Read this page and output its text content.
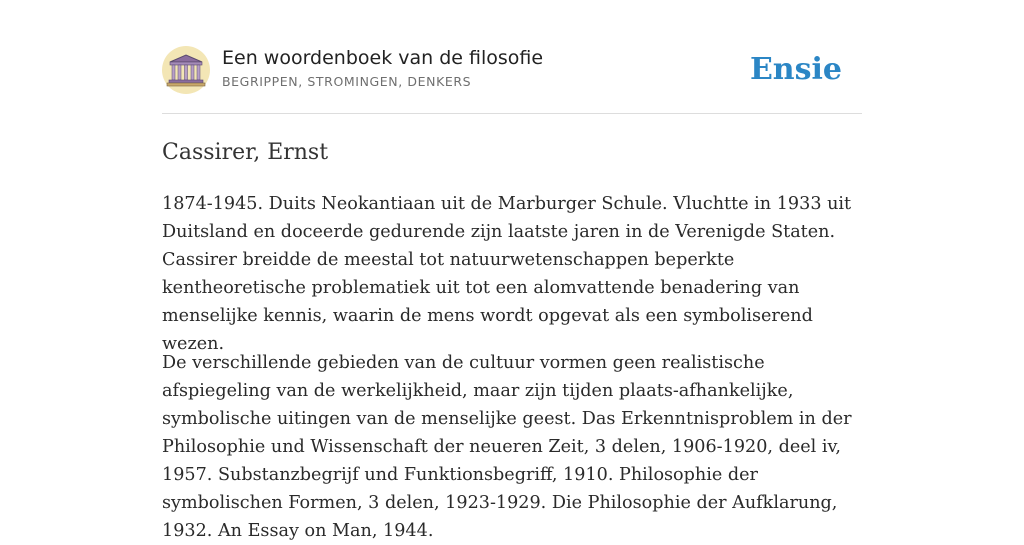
Een woordenboek van de filosofie
BEGRIPPEN, STROMINGEN, DENKERS	Ensie
Cassirer, Ernst

1874-1945. Duits Neokantiaan uit de Marburger Schule. Vluchtte in 1933 uit Duitsland en doceerde gedurende zijn laatste jaren in de Verenigde Staten. Cassirer breidde de meestal tot natuurwetenschappen beperkte kentheoretische problematiek uit tot een alomvattende benadering van menselijke kennis, waarin de mens wordt opgevat als een symboliserend wezen.

De verschillende gebieden van de cultuur vormen geen realistische afspiegeling van de werkelijkheid, maar zijn tijden plaats-afhankelijke, symbolische uitingen van de menselijke geest. Das Erkenntnisproblem in der Philosophie und Wissenschaft der neueren Zeit, 3 delen, 1906-1920, deel iv, 1957. Substanzbegrijf und Funktionsbegriff, 1910. Philosophie der symbolischen Formen, 3 delen, 1923-1929. Die Philosophie der Aufklarung, 1932. An Essay on Man, 1944.
